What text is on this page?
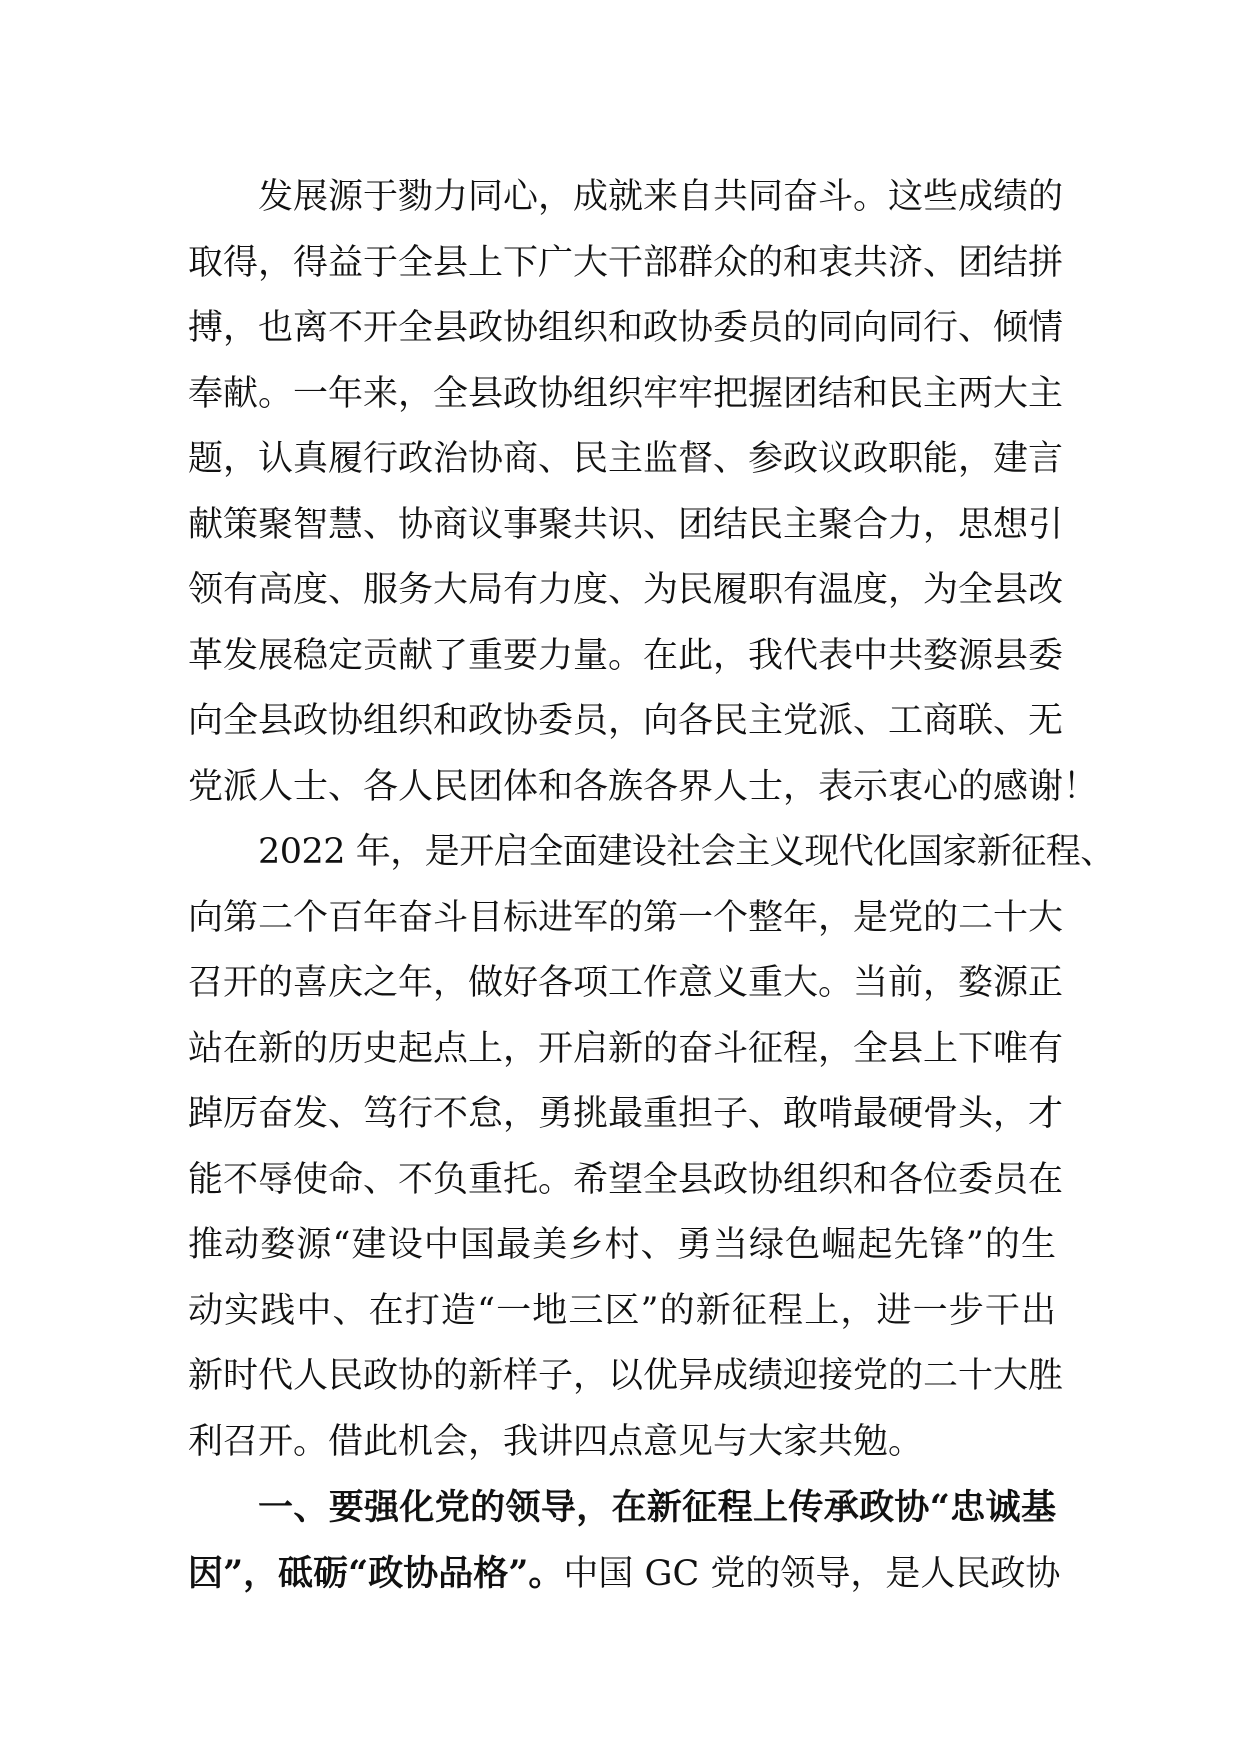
发展源于勠力同心，成就来自共同奋斗。这些成绩的
取得，得益于全县上下广大干部群众的和衷共济、团结拼
搏，也离不开全县政协组织和政协委员的同向同行、倾情
奉献。一年来，全县政协组织牢牢把握团结和民主两大主
题，认真履行政治协商、民主监督、参政议政职能，建言
献策聚智慧、协商议事聚共识、团结民主聚合力，思想引
领有高度、服务大局有力度、为民履职有温度，为全县改
革发展稳定贡献了重要力量。在此，我代表中共婺源县委
向全县政协组织和政协委员，向各民主党派、工商联、无
党派人士、各人民团体和各族各界人士，表示衷心的感谢！
2022 年，是开启全面建设社会主义现代化国家新征程、
向第二个百年奋斗目标进军的第一个整年，是党的二十大
召开的喜庆之年，做好各项工作意义重大。当前，婺源正
站在新的历史起点上，开启新的奋斗征程，全县上下唯有
踔厉奋发、笃行不怠，勇挑最重担子、敢啃最硬骨头，才
能不辱使命、不负重托。希望全县政协组织和各位委员在
推动婺源“建设中国最美乡村、勇当绿色崛起先锋”的生
动实践中、在打造“一地三区”的新征程上，进一步干出
新时代人民政协的新样子，以优异成绩迎接党的二十大胜
利召开。借此机会，我讲四点意见与大家共勉。
一、要强化党的领导，在新征程上传承政协“忠诚基
因”，砥砺“政协品格”。中国 GC 党的领导，是人民政协
